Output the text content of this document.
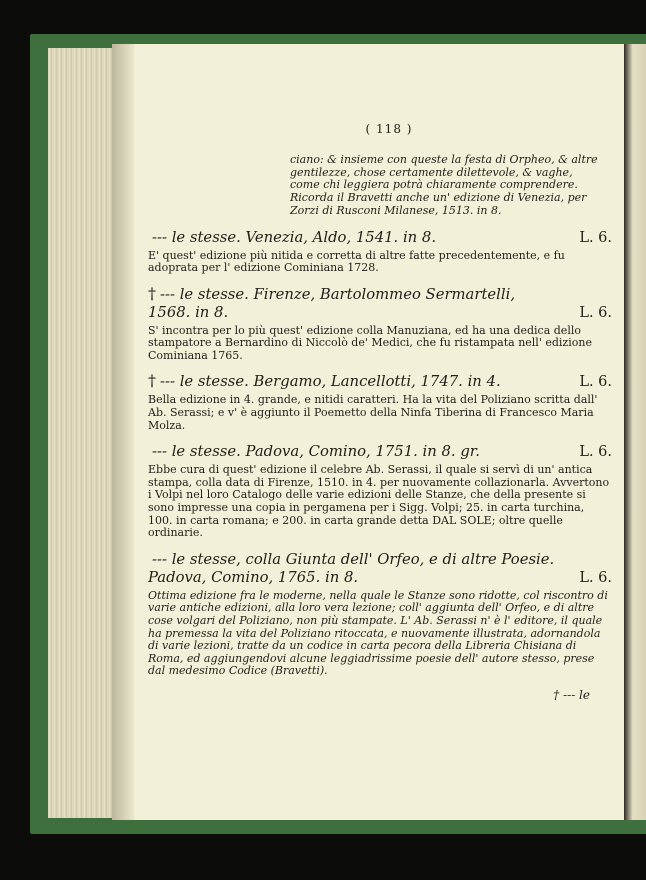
( 118 )
ciano: & insieme con queste la festa di Orpheo, & altre gentilezze, chose certamente dilettevole, & vaghe, come chi leggiera potrà chiaramente comprendere. Ricorda il Bravetti anche un' edizione di Venezia, per Zorzi di Rusconi Milanese, 1513. in 8.
--- le stesse. Venezia, Aldo, 1541. in 8.	L. 6.
E' quest' edizione più nitida e corretta di altre fatte precedentemente, e fu adoprata per l' edizione Cominiana 1728.
† --- le stesse. Firenze, Bartolommeo Sermartelli, 1568. in 8.	L. 6.
S' incontra per lo più quest' edizione colla Manuziana, ed ha una dedica dello stampatore a Bernardino di Niccolò de' Medici, che fu ristampata nell' edizione Cominiana 1765.
† --- le stesse. Bergamo, Lancellotti, 1747. in 4.	L. 6.
Bella edizione in 4. grande, e nitidi caratteri. Ha la vita del Poliziano scritta dall' Ab. Serassi; e v' è aggiunto il Poemetto della Ninfa Tiberina di Francesco Maria Molza.
--- le stesse. Padova, Comino, 1751. in 8. gr.	L. 6.
Ebbe cura di quest' edizione il celebre Ab. Serassi, il quale si servì di un' antica stampa, colla data di Firenze, 1510. in 4. per nuovamente collazionarla. Avvertono i Volpi nel loro Catalogo delle varie edizioni delle Stanze, che della presente si sono impresse una copia in pergamena per i Sigg. Volpi; 25. in carta turchina, 100. in carta romana; e 200. in carta grande detta DAL SOLE; oltre quelle ordinarie.
--- le stesse, colla Giunta dell' Orfeo, e di altre Poesie. Padova, Comino, 1765. in 8.	L. 6.
Ottima edizione fra le moderne, nella quale le Stanze sono ridotte, col riscontro di varie antiche edizioni, alla loro vera lezione; coll' aggiunta dell' Orfeo, e di altre cose volgari del Poliziano, non più stampate. L' Ab. Serassi n' è l' editore, il quale ha premessa la vita del Poliziano ritoccata, e nuovamente illustrata, adornandola di varie lezioni, tratte da un codice in carta pecora della Libreria Chisiana di Roma, ed aggiungendovi alcune leggiadrissime poesie dell' autore stesso, prese dal medesimo Codice (Bravetti).
† --- le
